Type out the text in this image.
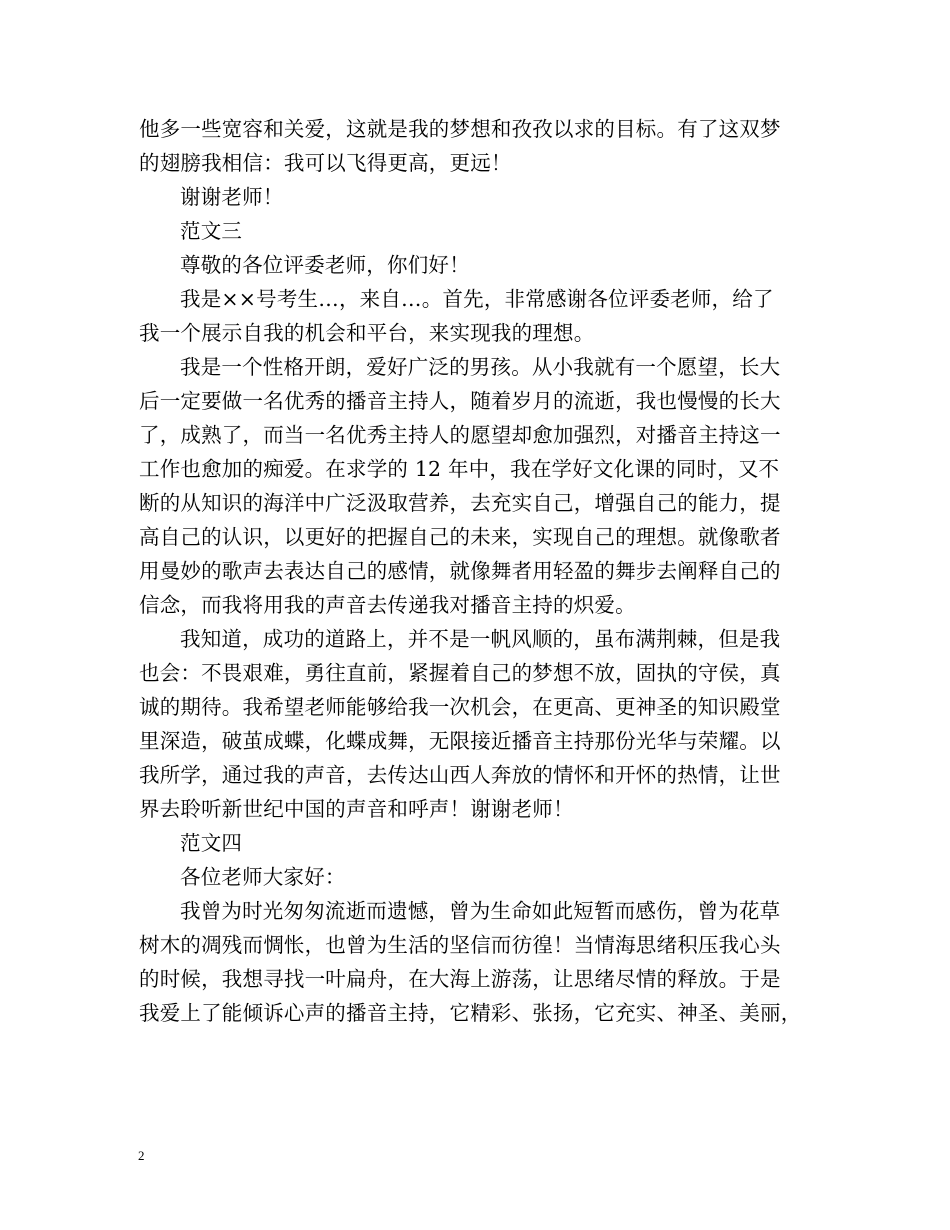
他多一些宽容和关爱，这就是我的梦想和孜孜以求的目标。有了这双梦
的翅膀我相信：我可以飞得更高，更远！
谢谢老师！
范文三
尊敬的各位评委老师，你们好！
我是××号考生…，来自…。首先，非常感谢各位评委老师，给了
我一个展示自我的机会和平台，来实现我的理想。
我是一个性格开朗，爱好广泛的男孩。从小我就有一个愿望，长大
后一定要做一名优秀的播音主持人，随着岁月的流逝，我也慢慢的长大
了，成熟了，而当一名优秀主持人的愿望却愈加强烈，对播音主持这一
工作也愈加的痴爱。在求学的 12 年中，我在学好文化课的同时，又不
断的从知识的海洋中广泛汲取营养，去充实自己，增强自己的能力，提
高自己的认识，以更好的把握自己的未来，实现自己的理想。就像歌者
用曼妙的歌声去表达自己的感情，就像舞者用轻盈的舞步去阐释自己的
信念，而我将用我的声音去传递我对播音主持的炽爱。
我知道，成功的道路上，并不是一帆风顺的，虽布满荆棘，但是我
也会：不畏艰难，勇往直前，紧握着自己的梦想不放，固执的守侯，真
诚的期待。我希望老师能够给我一次机会，在更高、更神圣的知识殿堂
里深造，破茧成蝶，化蝶成舞，无限接近播音主持那份光华与荣耀。以
我所学，通过我的声音，去传达山西人奔放的情怀和开怀的热情，让世
界去聆听新世纪中国的声音和呼声！谢谢老师！
范文四
各位老师大家好：
我曾为时光匆匆流逝而遗憾，曾为生命如此短暂而感伤，曾为花草
树木的凋残而惆怅，也曾为生活的坚信而彷徨！当情海思绪积压我心头
的时候，我想寻找一叶扁舟，在大海上游荡，让思绪尽情的释放。于是
我爱上了能倾诉心声的播音主持，它精彩、张扬，它充实、神圣、美丽，
2
